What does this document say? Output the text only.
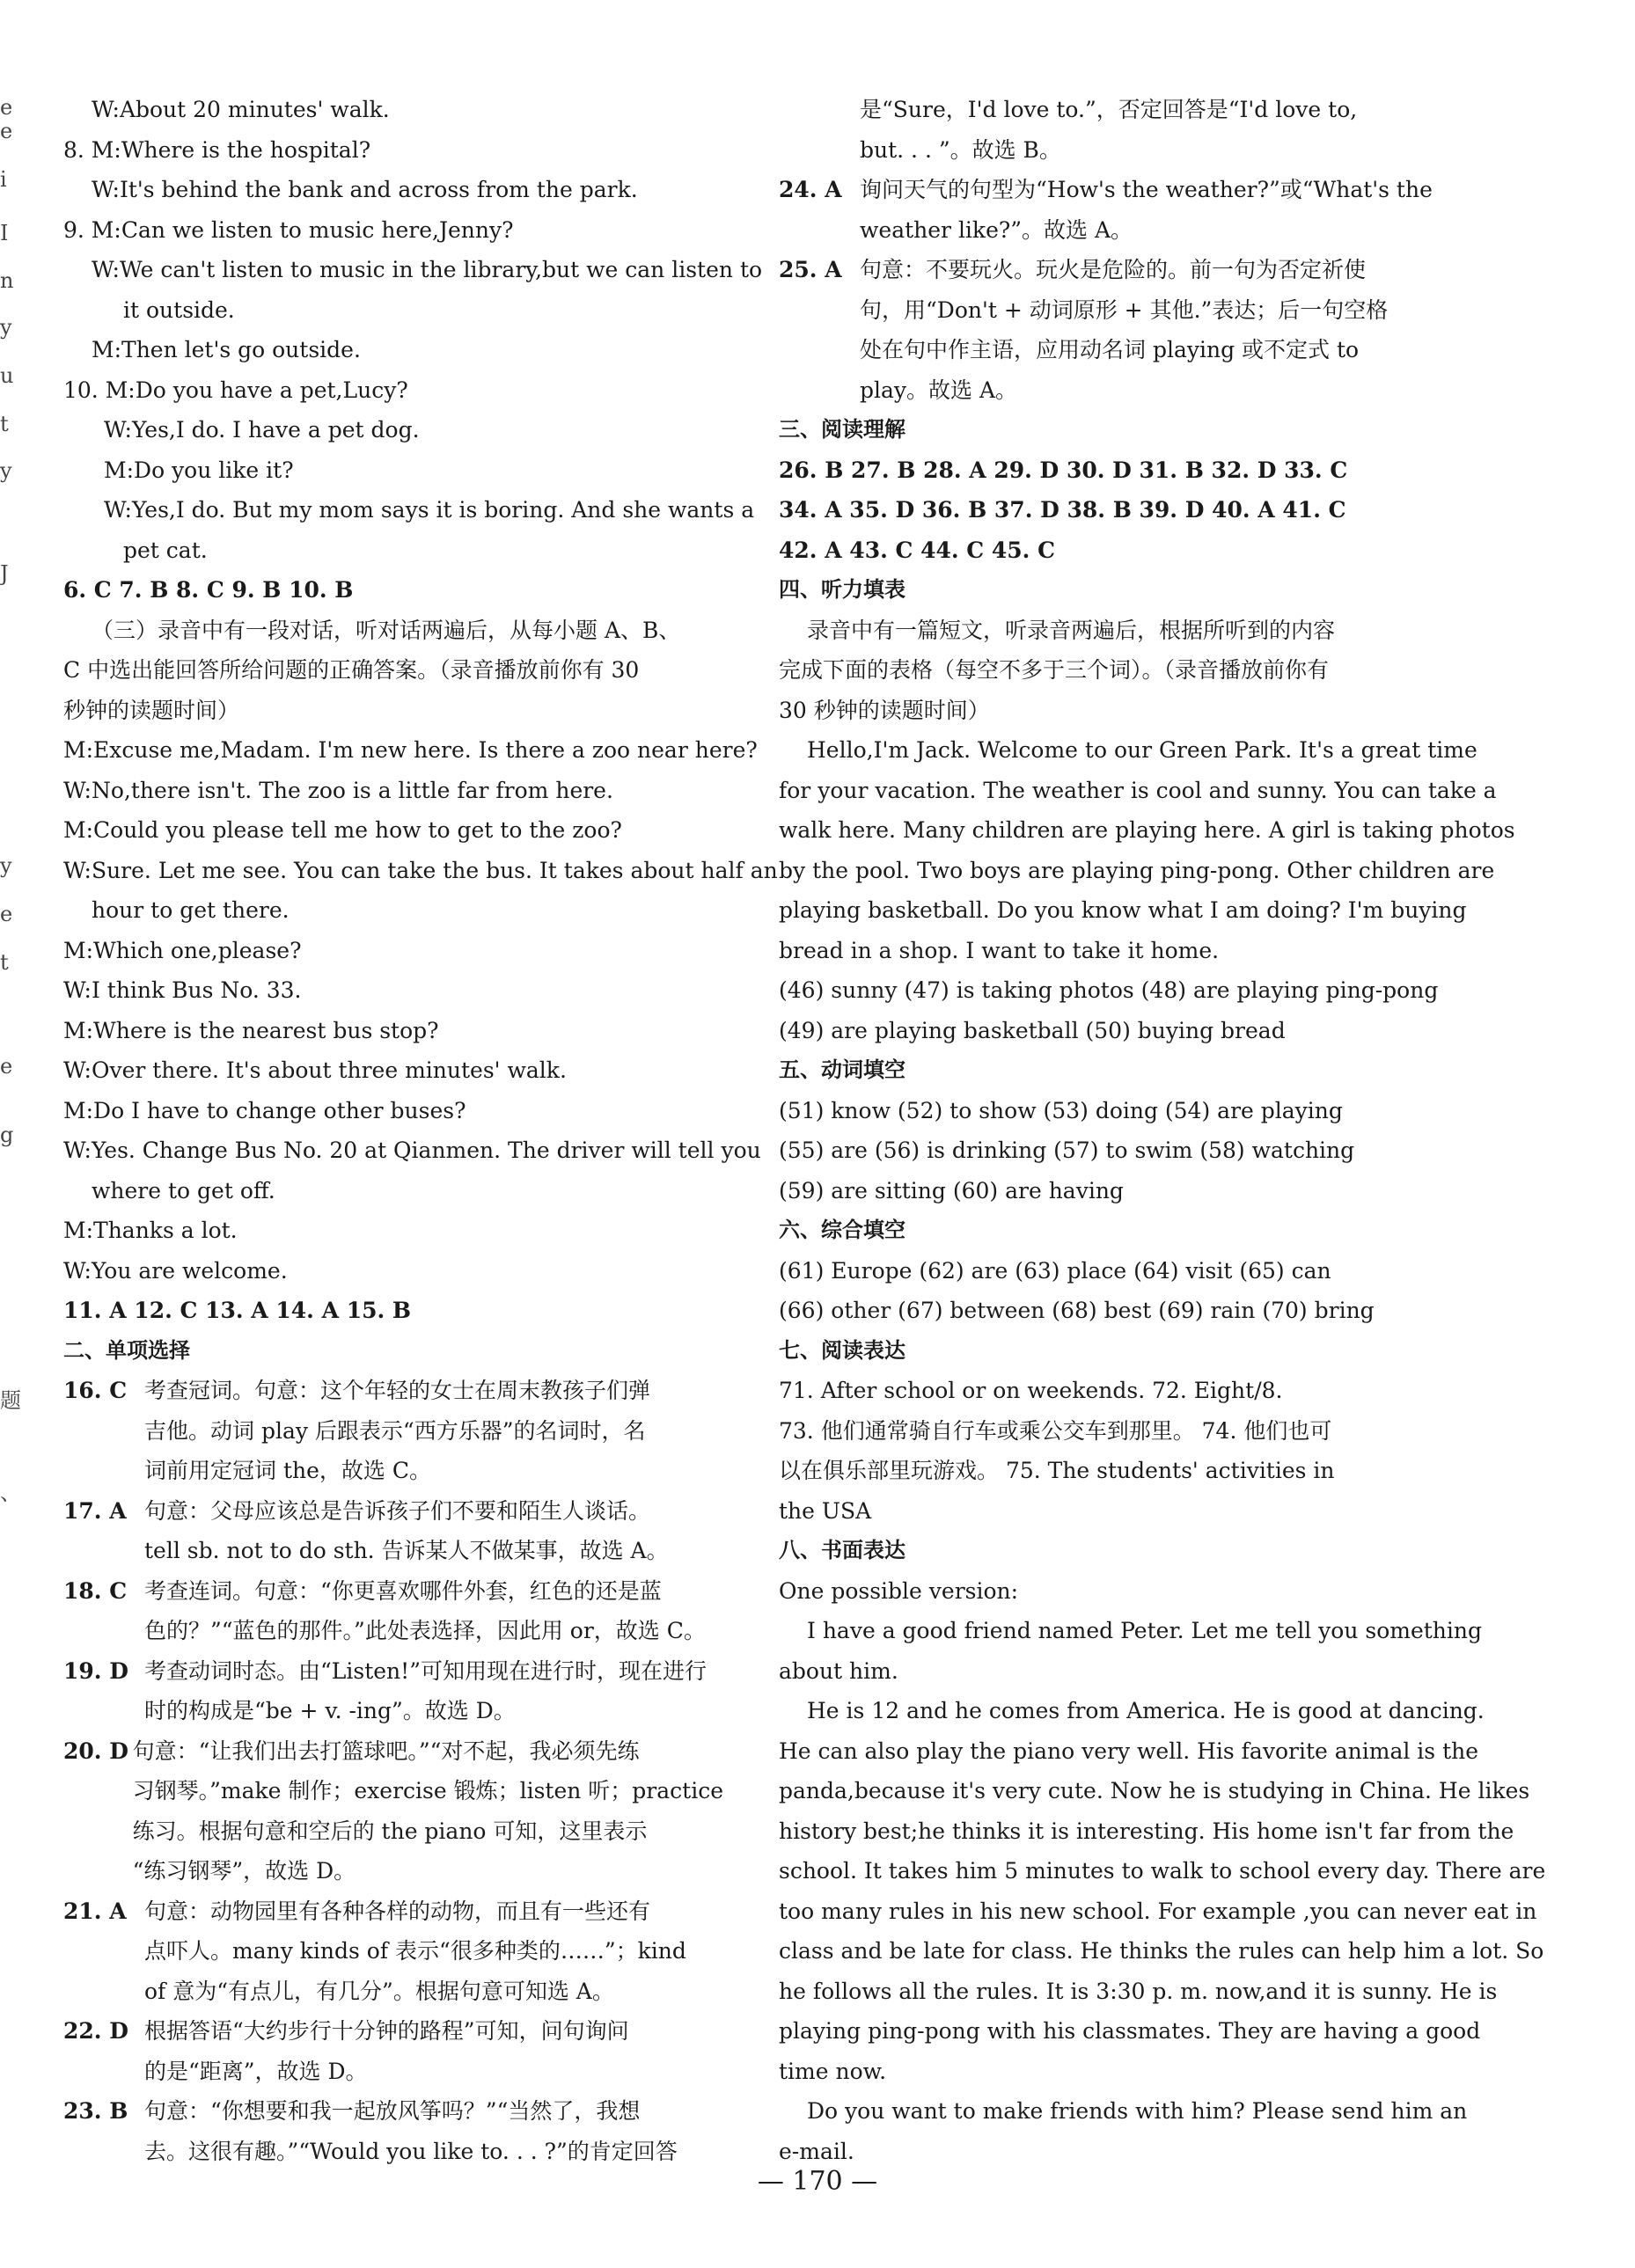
e
e
i
I
n
y
u
t
y
J
y
e
t
e
g
题
、
W:About 20 minutes' walk.
8. M:Where is the hospital?
W:It's behind the bank and across from the park.
9. M:Can we listen to music here,Jenny?
W:We can't listen to music in the library,but we can listen to
it outside.
M:Then let's go outside.
10. M:Do you have a pet,Lucy?
W:Yes,I do. I have a pet dog.
M:Do you like it?
W:Yes,I do. But my mom says it is boring. And she wants a
pet cat.
6. C 7. B 8. C 9. B 10. B
（三）录音中有一段对话，听对话两遍后，从每小题 A、B、
C 中选出能回答所给问题的正确答案。（录音播放前你有 30
秒钟的读题时间）
M:Excuse me,Madam. I'm new here. Is there a zoo near here?
W:No,there isn't. The zoo is a little far from here.
M:Could you please tell me how to get to the zoo?
W:Sure. Let me see. You can take the bus. It takes about half an
hour to get there.
M:Which one,please?
W:I think Bus No. 33.
M:Where is the nearest bus stop?
W:Over there. It's about three minutes' walk.
M:Do I have to change other buses?
W:Yes. Change Bus No. 20 at Qianmen. The driver will tell you
where to get off.
M:Thanks a lot.
W:You are welcome.
11. A 12. C 13. A 14. A 15. B
二、单项选择
16. C 考查冠词。句意：这个年轻的女士在周末教孩子们弹
吉他。动词 play 后跟表示“西方乐器”的名词时，名
词前用定冠词 the，故选 C。
17. A 句意：父母应该总是告诉孩子们不要和陌生人谈话。
tell sb. not to do sth. 告诉某人不做某事，故选 A。
18. C 考查连词。句意：“你更喜欢哪件外套，红色的还是蓝
色的？”“蓝色的那件。”此处表选择，因此用 or，故选 C。
19. D 考查动词时态。由“Listen!”可知用现在进行时，现在进行
时的构成是“be + v. -ing”。故选 D。
20. D 句意：“让我们出去打篮球吧。”“对不起，我必须先练
习钢琴。”make 制作；exercise 锻炼；listen 听；practice
练习。根据句意和空后的 the piano 可知，这里表示
“练习钢琴”，故选 D。
21. A 句意：动物园里有各种各样的动物，而且有一些还有
点吓人。many kinds of 表示“很多种类的……”；kind
of 意为“有点儿，有几分”。根据句意可知选 A。
22. D 根据答语“大约步行十分钟的路程”可知，问句询问
的是“距离”，故选 D。
23. B 句意：“你想要和我一起放风筝吗？”“当然了，我想
去。这很有趣。”“Would you like to. . . ?”的肯定回答
是“Sure，I'd love to.”，否定回答是“I'd love to,
but. . . ”。故选 B。
24. A 询问天气的句型为“How's the weather?”或“What's the
weather like?”。故选 A。
25. A 句意：不要玩火。玩火是危险的。前一句为否定祈使
句，用“Don't + 动词原形 + 其他.”表达；后一句空格
处在句中作主语，应用动名词 playing 或不定式 to
play。故选 A。
三、阅读理解
26. B 27. B 28. A 29. D 30. D 31. B 32. D 33. C
34. A 35. D 36. B 37. D 38. B 39. D 40. A 41. C
42. A 43. C 44. C 45. C
四、听力填表
录音中有一篇短文，听录音两遍后，根据所听到的内容
完成下面的表格（每空不多于三个词）。（录音播放前你有
30 秒钟的读题时间）
Hello,I'm Jack. Welcome to our Green Park. It's a great time
for your vacation. The weather is cool and sunny. You can take a
walk here. Many children are playing here. A girl is taking photos
by the pool. Two boys are playing ping-pong. Other children are
playing basketball. Do you know what I am doing? I'm buying
bread in a shop. I want to take it home.
(46) sunny (47) is taking photos (48) are playing ping-pong
(49) are playing basketball (50) buying bread
五、动词填空
(51) know (52) to show (53) doing (54) are playing
(55) are (56) is drinking (57) to swim (58) watching
(59) are sitting (60) are having
六、综合填空
(61) Europe (62) are (63) place (64) visit (65) can
(66) other (67) between (68) best (69) rain (70) bring
七、阅读表达
71. After school or on weekends. 72. Eight/8.
73. 他们通常骑自行车或乘公交车到那里。 74. 他们也可
以在俱乐部里玩游戏。 75. The students' activities in
the USA
八、书面表达
One possible version:
I have a good friend named Peter. Let me tell you something
about him.
He is 12 and he comes from America. He is good at dancing.
He can also play the piano very well. His favorite animal is the
panda,because it's very cute. Now he is studying in China. He likes
history best;he thinks it is interesting. His home isn't far from the
school. It takes him 5 minutes to walk to school every day. There are
too many rules in his new school. For example ,you can never eat in
class and be late for class. He thinks the rules can help him a lot. So
he follows all the rules. It is 3:30 p. m. now,and it is sunny. He is
playing ping-pong with his classmates. They are having a good
time now.
Do you want to make friends with him? Please send him an
e-mail.
— 170 —
